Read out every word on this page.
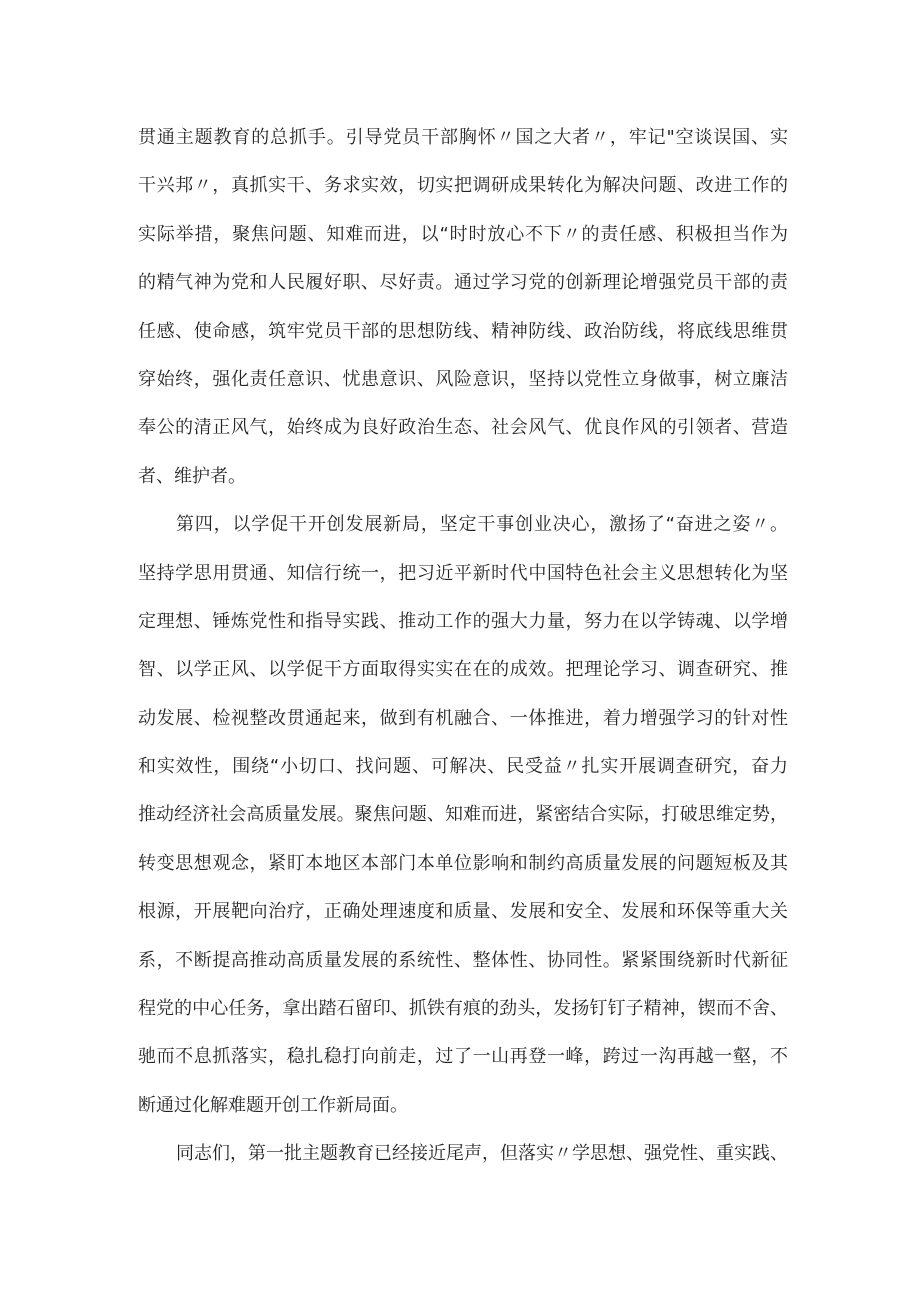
贯通主题教育的总抓手。引导党员干部胸怀〃国之大者〃，牢记"空谈误国、实
干兴邦〃，真抓实干、务求实效，切实把调研成果转化为解决问题、改进工作的
实际举措，聚焦问题、知难而进，以“时时放心不下〃的责任感、积极担当作为
的精气神为党和人民履好职、尽好责。通过学习党的创新理论增强党员干部的责
任感、使命感，筑牢党员干部的思想防线、精神防线、政治防线，将底线思维贯
穿始终，强化责任意识、忧患意识、风险意识，坚持以党性立身做事，树立廉洁
奉公的清正风气，始终成为良好政治生态、社会风气、优良作风的引领者、营造
者、维护者。
第四，以学促干开创发展新局，坚定干事创业决心，激扬了“奋进之姿〃。
坚持学思用贯通、知信行统一，把习近平新时代中国特色社会主义思想转化为坚
定理想、锤炼党性和指导实践、推动工作的强大力量，努力在以学铸魂、以学增
智、以学正风、以学促干方面取得实实在在的成效。把理论学习、调查研究、推
动发展、检视整改贯通起来，做到有机融合、一体推进，着力增强学习的针对性
和实效性，围绕“小切口、找问题、可解决、民受益〃扎实开展调查研究，奋力
推动经济社会高质量发展。聚焦问题、知难而进，紧密结合实际，打破思维定势，
转变思想观念，紧盯本地区本部门本单位影响和制约高质量发展的问题短板及其
根源，开展靶向治疗，正确处理速度和质量、发展和安全、发展和环保等重大关
系，不断提高推动高质量发展的系统性、整体性、协同性。紧紧围绕新时代新征
程党的中心任务，拿出踏石留印、抓铁有痕的劲头，发扬钉钉子精神，锲而不舍、
驰而不息抓落实，稳扎稳打向前走，过了一山再登一峰，跨过一沟再越一壑，不
断通过化解难题开创工作新局面。
同志们，第一批主题教育已经接近尾声，但落实〃学思想、强党性、重实践、
